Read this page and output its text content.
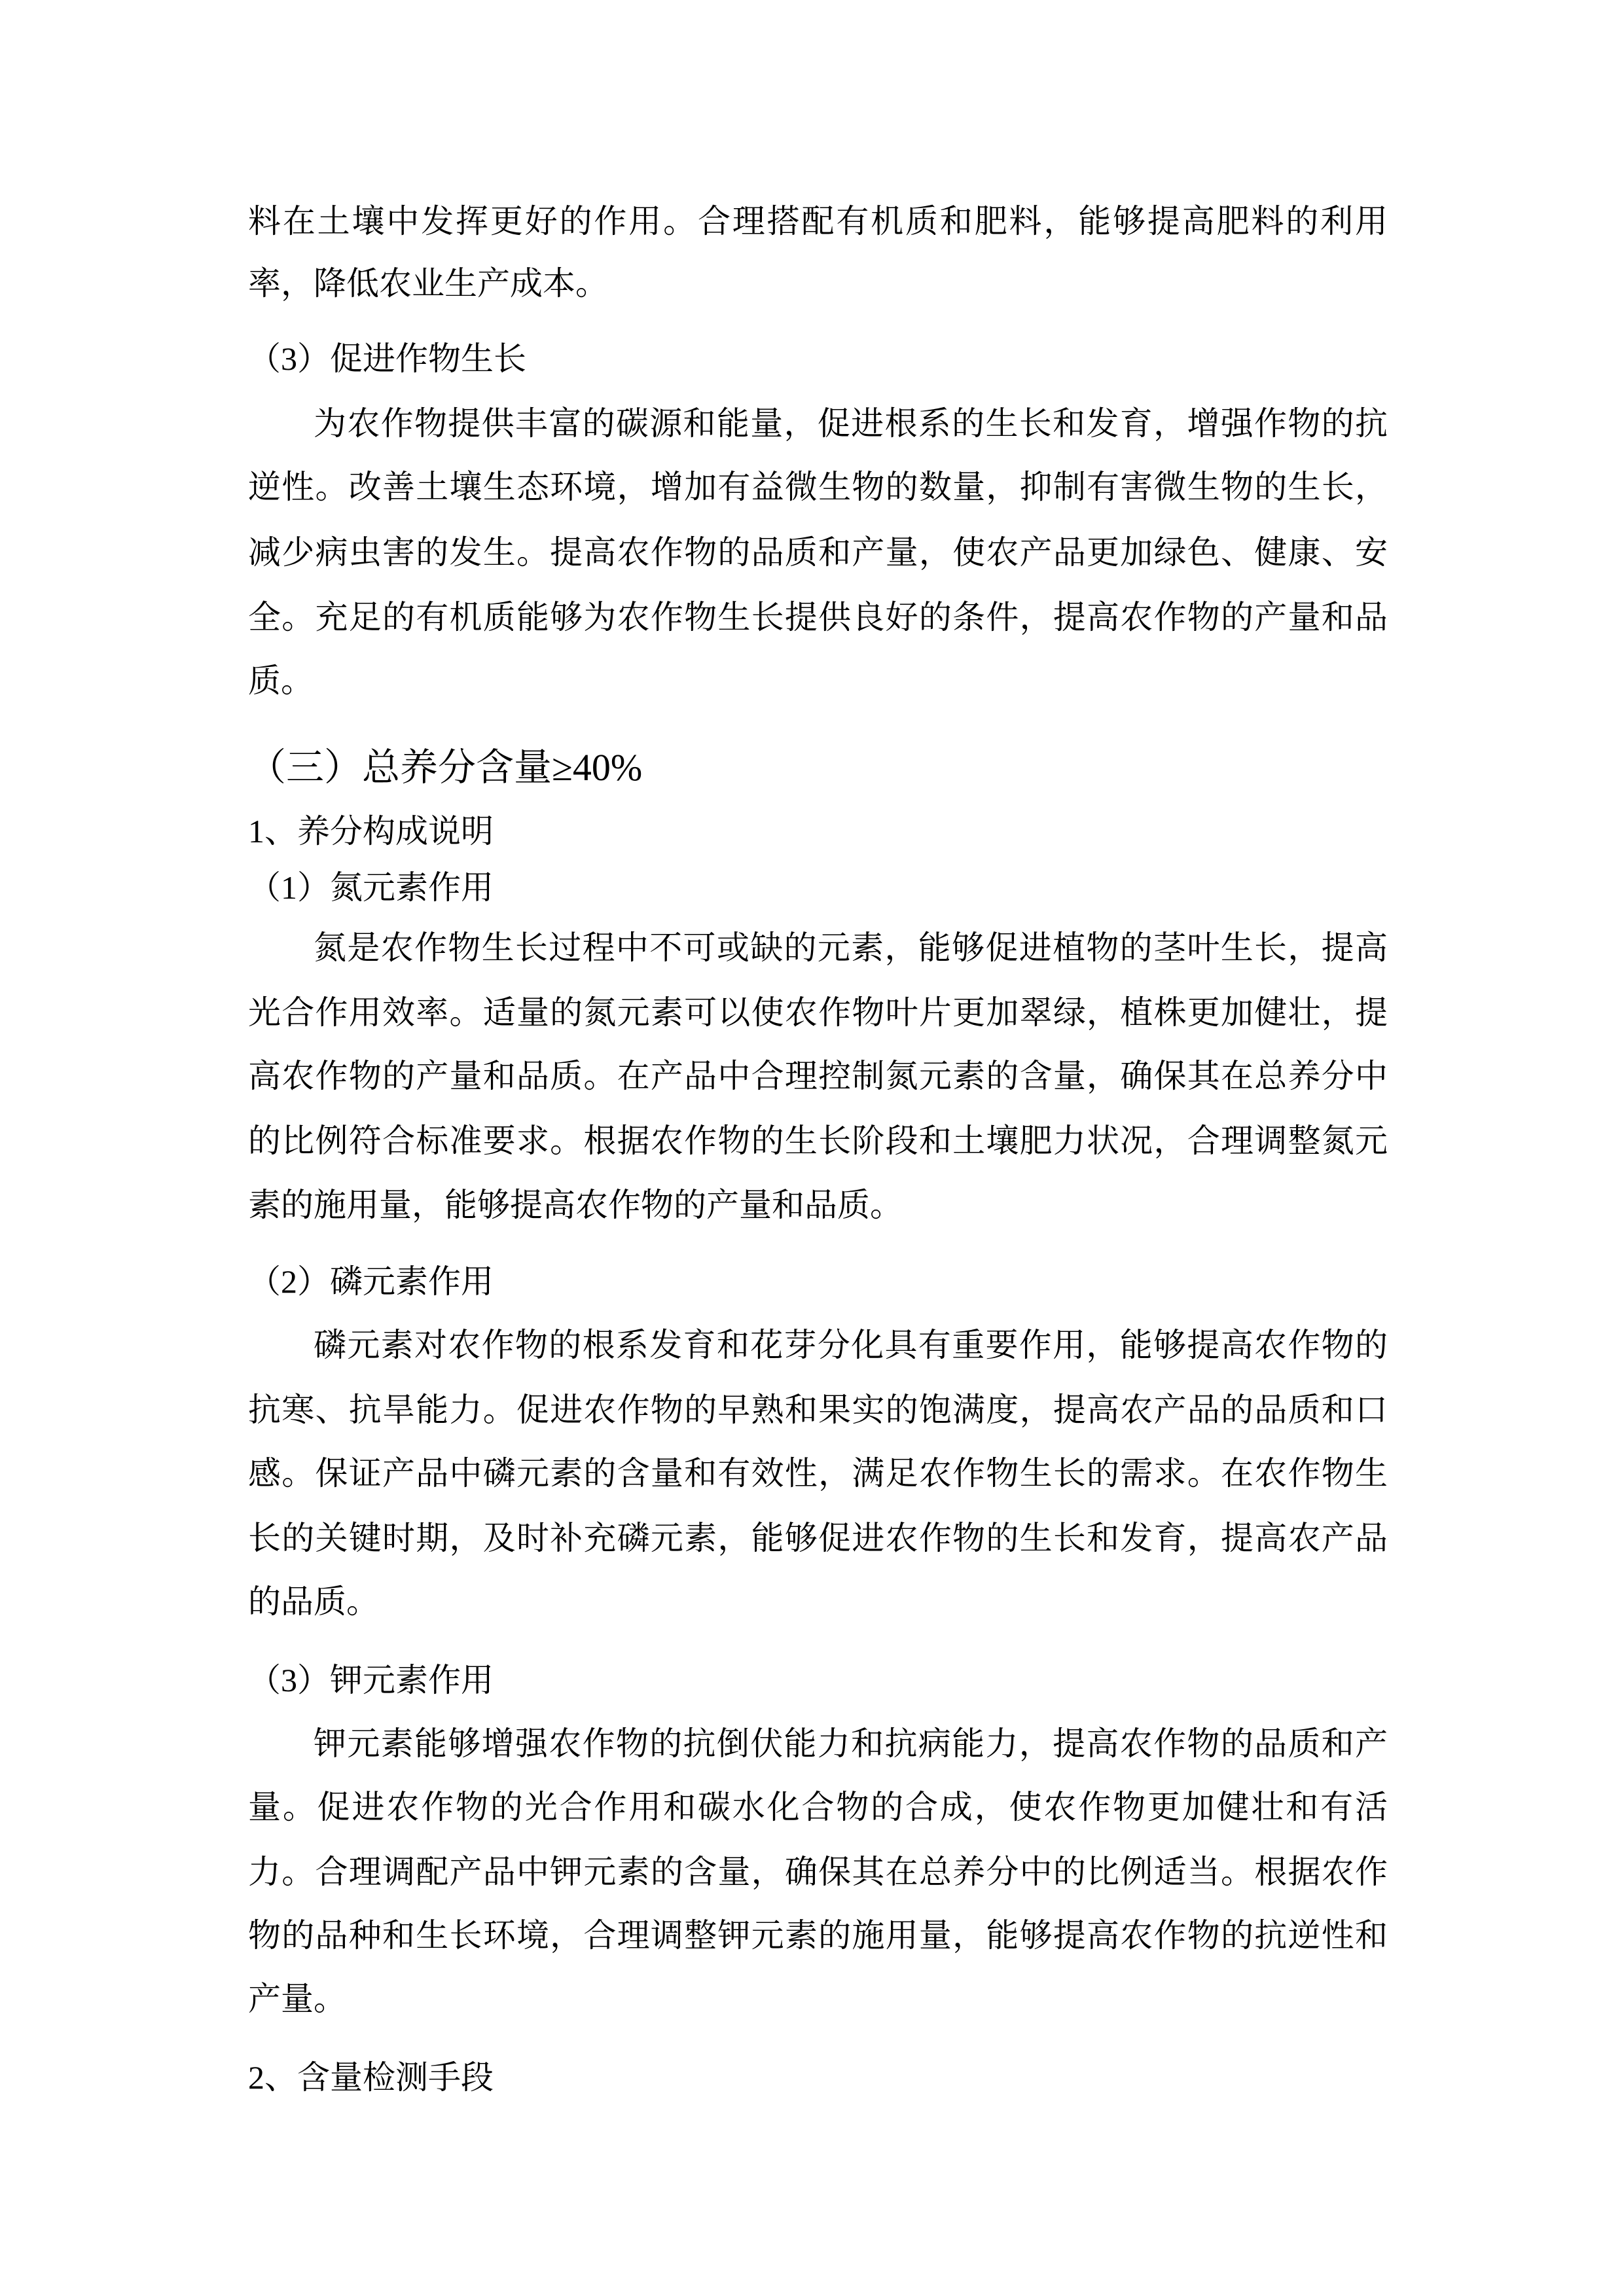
料在土壤中发挥更好的作用。合理搭配有机质和肥料，能够提高肥料的利用
率，降低农业生产成本。
（3）促进作物生长
为农作物提供丰富的碳源和能量，促进根系的生长和发育，增强作物的抗
逆性。改善土壤生态环境，增加有益微生物的数量，抑制有害微生物的生长，
减少病虫害的发生。提高农作物的品质和产量，使农产品更加绿色、健康、安
全。充足的有机质能够为农作物生长提供良好的条件，提高农作物的产量和品
质。
（三）总养分含量≥40%
1、养分构成说明
（1）氮元素作用
氮是农作物生长过程中不可或缺的元素，能够促进植物的茎叶生长，提高
光合作用效率。适量的氮元素可以使农作物叶片更加翠绿，植株更加健壮，提
高农作物的产量和品质。在产品中合理控制氮元素的含量，确保其在总养分中
的比例符合标准要求。根据农作物的生长阶段和土壤肥力状况，合理调整氮元
素的施用量，能够提高农作物的产量和品质。
（2）磷元素作用
磷元素对农作物的根系发育和花芽分化具有重要作用，能够提高农作物的
抗寒、抗旱能力。促进农作物的早熟和果实的饱满度，提高农产品的品质和口
感。保证产品中磷元素的含量和有效性，满足农作物生长的需求。在农作物生
长的关键时期，及时补充磷元素，能够促进农作物的生长和发育，提高农产品
的品质。
（3）钾元素作用
钾元素能够增强农作物的抗倒伏能力和抗病能力，提高农作物的品质和产
量。促进农作物的光合作用和碳水化合物的合成，使农作物更加健壮和有活
力。合理调配产品中钾元素的含量，确保其在总养分中的比例适当。根据农作
物的品种和生长环境，合理调整钾元素的施用量，能够提高农作物的抗逆性和
产量。
2、含量检测手段
